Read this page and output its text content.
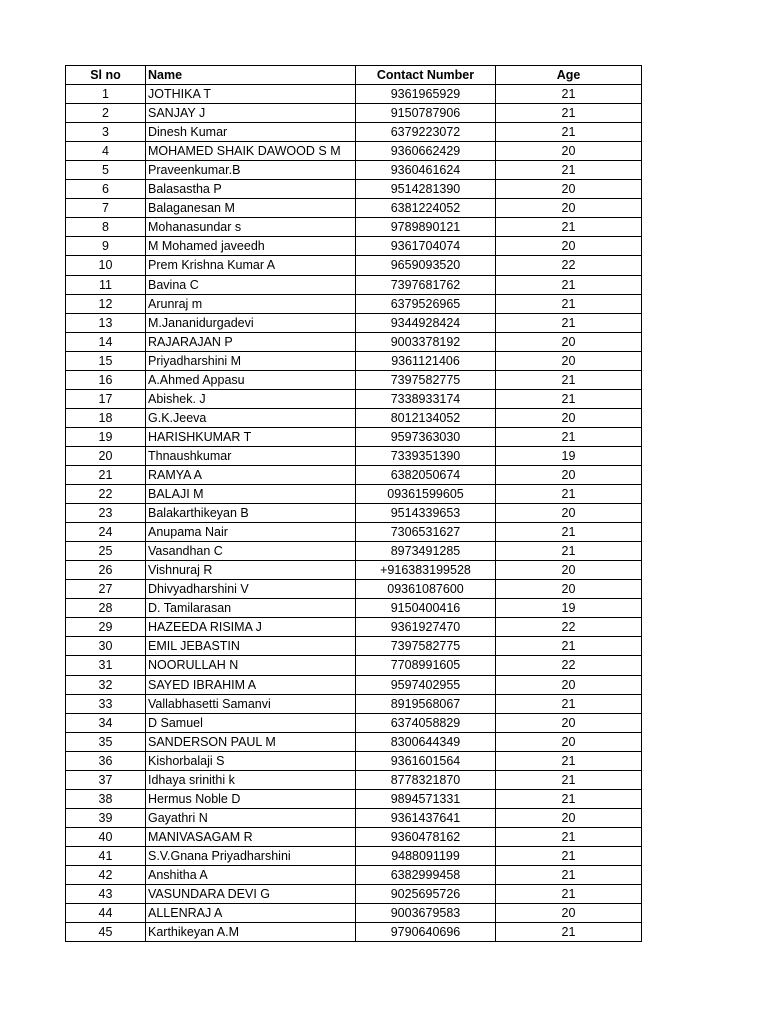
Sl no	Name	Contact Number	Age
1	JOTHIKA T	9361965929	21
2	SANJAY J	9150787906	21
3	Dinesh Kumar	6379223072	21
4	MOHAMED SHAIK DAWOOD S M	9360662429	20
5	Praveenkumar.B	9360461624	21
6	Balasastha P	9514281390	20
7	Balaganesan M	6381224052	20
8	Mohanasundar s	9789890121	21
9	M Mohamed javeedh	9361704074	20
10	Prem Krishna Kumar A	9659093520	22
11	Bavina C	7397681762	21
12	Arunraj m	6379526965	21
13	M.Jananidurgadevi	9344928424	21
14	RAJARAJAN P	9003378192	20
15	Priyadharshini M	9361121406	20
16	A.Ahmed Appasu	7397582775	21
17	Abishek. J	7338933174	21
18	G.K.Jeeva	8012134052	20
19	HARISHKUMAR T	9597363030	21
20	Thnaushkumar	7339351390	19
21	RAMYA A	6382050674	20
22	BALAJI M	09361599605	21
23	Balakarthikeyan B	9514339653	20
24	Anupama Nair	7306531627	21
25	Vasandhan C	8973491285	21
26	Vishnuraj R	+916383199528	20
27	Dhivyadharshini V	09361087600	20
28	D. Tamilarasan	9150400416	19
29	HAZEEDA RISIMA J	9361927470	22
30	EMIL JEBASTIN	7397582775	21
31	NOORULLAH N	7708991605	22
32	SAYED IBRAHIM A	9597402955	20
33	Vallabhasetti Samanvi	8919568067	21
34	D Samuel	6374058829	20
35	SANDERSON PAUL M	8300644349	20
36	Kishorbalaji S	9361601564	21
37	Idhaya srinithi k	8778321870	21
38	Hermus Noble D	9894571331	21
39	Gayathri N	9361437641	20
40	MANIVASAGAM R	9360478162	21
41	S.V.Gnana Priyadharshini	9488091199	21
42	Anshitha A	6382999458	21
43	VASUNDARA DEVI G	9025695726	21
44	ALLENRAJ A	9003679583	20
45	Karthikeyan A.M	9790640696	21
